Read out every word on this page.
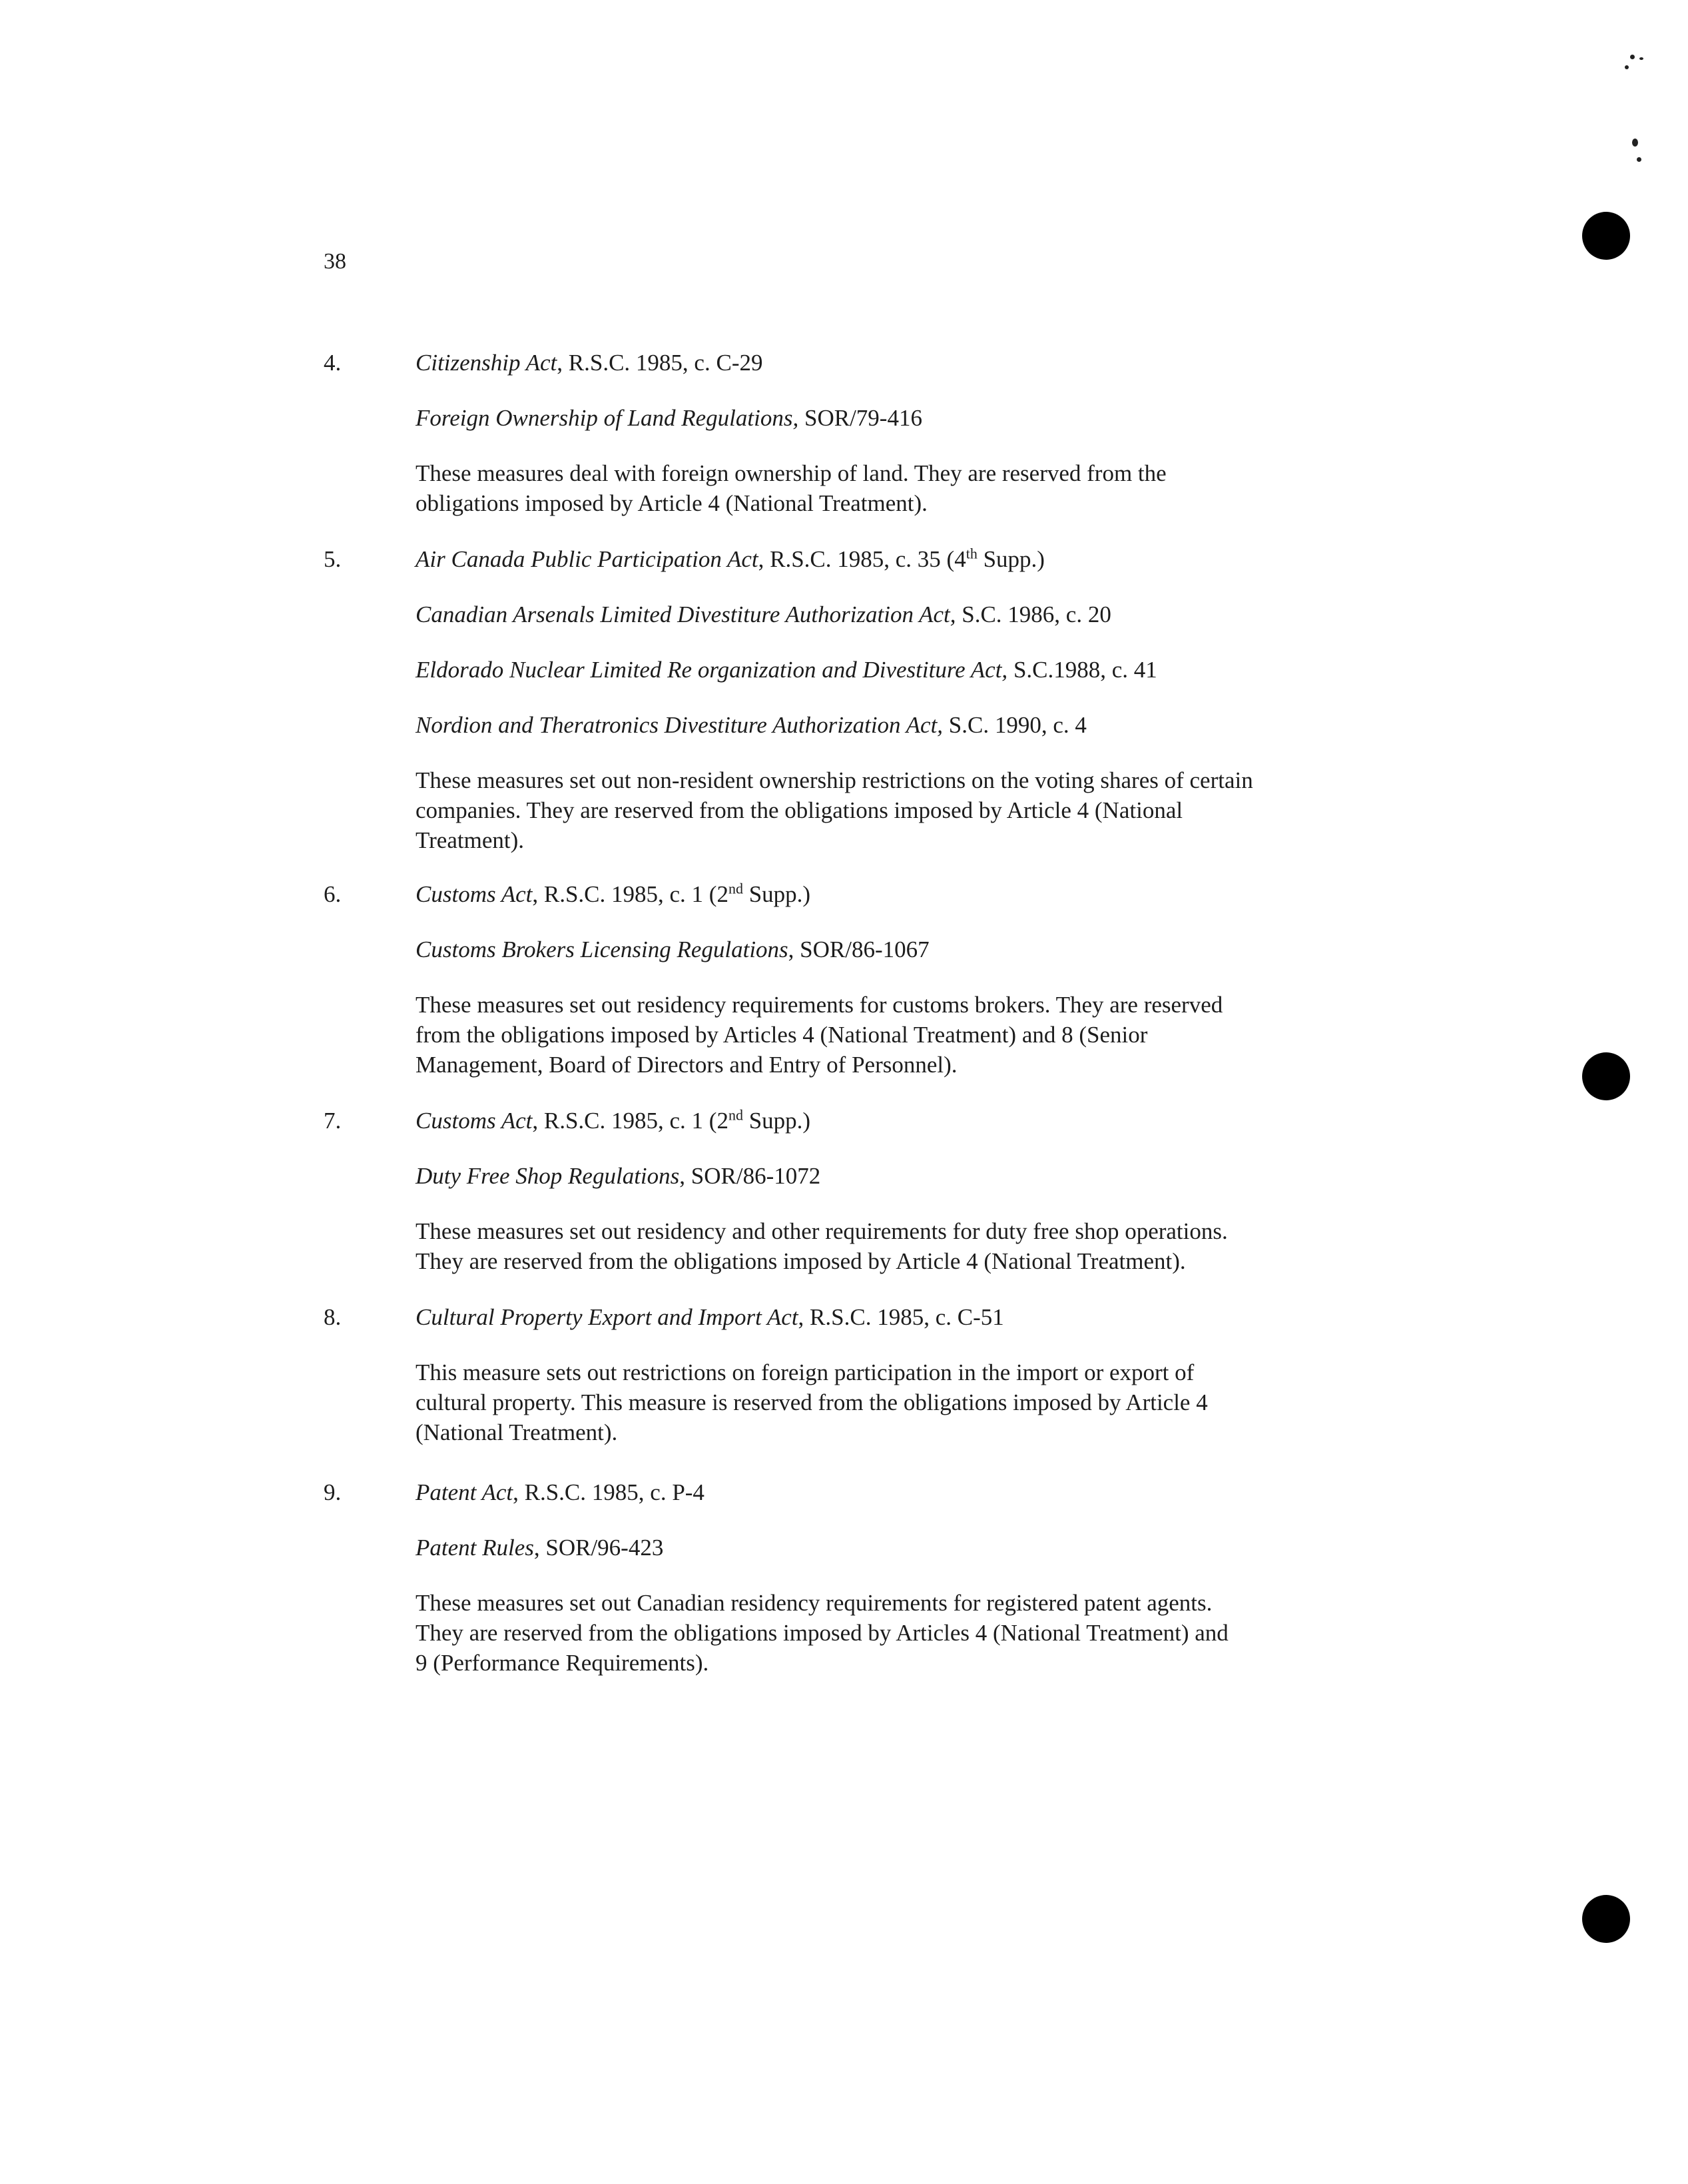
38
4.	Citizenship Act, R.S.C. 1985, c. C-29
Foreign Ownership of Land Regulations, SOR/79-416
These measures deal with foreign ownership of land. They are reserved from the
obligations imposed by Article 4 (National Treatment).
5.	Air Canada Public Participation Act, R.S.C. 1985, c. 35 (4th Supp.)
Canadian Arsenals Limited Divestiture Authorization Act, S.C. 1986, c. 20
Eldorado Nuclear Limited Re organization and Divestiture Act, S.C.1988, c. 41
Nordion and Theratronics Divestiture Authorization Act, S.C. 1990, c. 4
These measures set out non-resident ownership restrictions on the voting shares of certain
companies. They are reserved from the obligations imposed by Article 4 (National
Treatment).
6.	Customs Act, R.S.C. 1985, c. 1 (2nd Supp.)
Customs Brokers Licensing Regulations, SOR/86-1067
These measures set out residency requirements for customs brokers. They are reserved
from the obligations imposed by Articles 4 (National Treatment) and 8 (Senior
Management, Board of Directors and Entry of Personnel).
7.	Customs Act, R.S.C. 1985, c. 1 (2nd Supp.)
Duty Free Shop Regulations, SOR/86-1072
These measures set out residency and other requirements for duty free shop operations.
They are reserved from the obligations imposed by Article 4 (National Treatment).
8.	Cultural Property Export and Import Act, R.S.C. 1985, c. C-51
This measure sets out restrictions on foreign participation in the import or export of
cultural property. This measure is reserved from the obligations imposed by Article 4
(National Treatment).
9.	Patent Act, R.S.C. 1985, c. P-4
Patent Rules, SOR/96-423
These measures set out Canadian residency requirements for registered patent agents.
They are reserved from the obligations imposed by Articles 4 (National Treatment) and
9 (Performance Requirements).
